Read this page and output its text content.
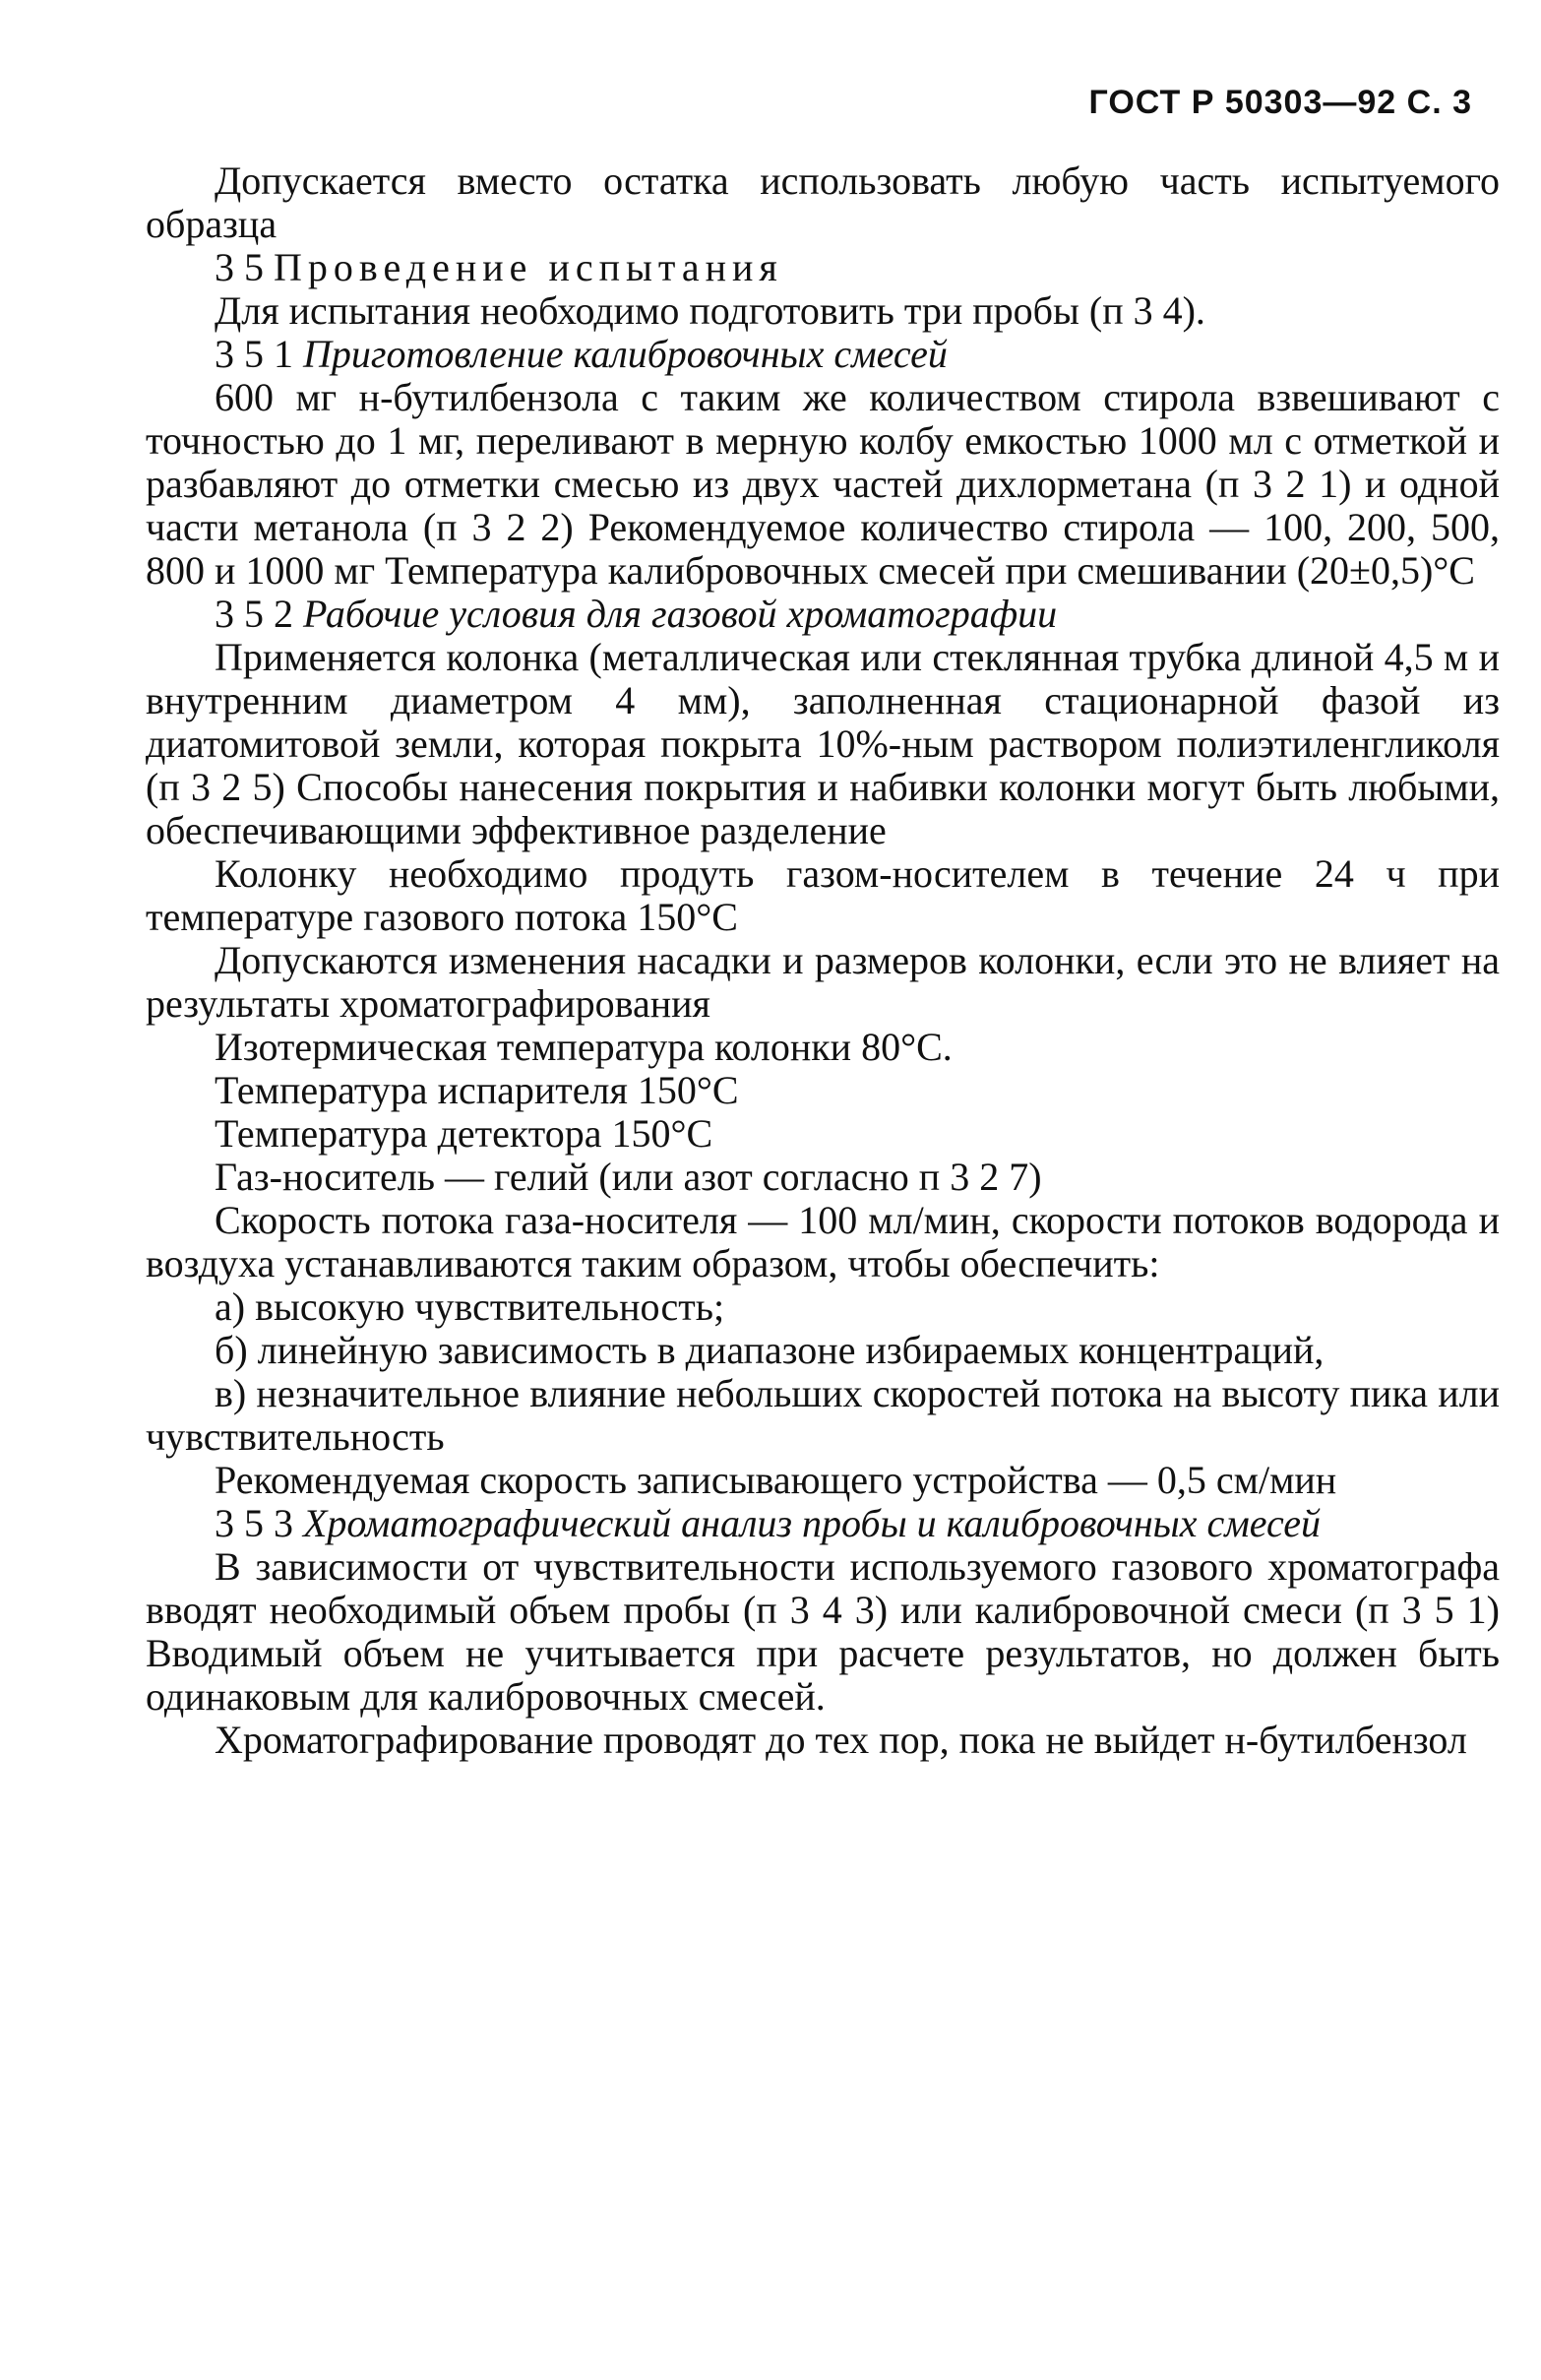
ГОСТ Р 50303—92 С. 3

Допускается вместо остатка использовать любую часть испытуемого образца

3 5 Проведение испытания

Для испытания необходимо подготовить три пробы (п 3 4).

3 5 1 Приготовление калибровочных смесей

600 мг н-бутилбензола с таким же количеством стирола взвешивают с точностью до 1 мг, переливают в мерную колбу емкостью 1000 мл с отметкой и разбавляют до отметки смесью из двух частей дихлорметана (п 3 2 1) и одной части метанола (п 3 2 2) Рекомендуемое количество стирола — 100, 200, 500, 800 и 1000 мг Температура калибровочных смесей при смешивании (20±0,5)°С

3 5 2 Рабочие условия для газовой хроматографии

Применяется колонка (металлическая или стеклянная трубка длиной 4,5 м и внутренним диаметром 4 мм), заполненная стационарной фазой из диатомитовой земли, которая покрыта 10%-ным раствором полиэтиленгликоля (п 3 2 5) Способы нанесения покрытия и набивки колонки могут быть любыми, обеспечивающими эффективное разделение

Колонку необходимо продуть газом-носителем в течение 24 ч при температуре газового потока 150°С

Допускаются изменения насадки и размеров колонки, если это не влияет на результаты хроматографирования

Изотермическая температура колонки 80°С.

Температура испарителя 150°С

Температура детектора 150°С

Газ-носитель — гелий (или азот согласно п 3 2 7)

Скорость потока газа-носителя — 100 мл/мин, скорости потоков водорода и воздуха устанавливаются таким образом, чтобы обеспечить:

а) высокую чувствительность;

б) линейную зависимость в диапазоне избираемых концентраций,

в) незначительное влияние небольших скоростей потока на высоту пика или чувствительность

Рекомендуемая скорость записывающего устройства — 0,5 см/мин

3 5 3 Хроматографический анализ пробы и калибровочных смесей

В зависимости от чувствительности используемого газового хроматографа вводят необходимый объем пробы (п 3 4 3) или калибровочной смеси (п 3 5 1) Вводимый объем не учитывается при расчете результатов, но должен быть одинаковым для калибровочных смесей.

Хроматографирование проводят до тех пор, пока не выйдет н-бутилбензол
